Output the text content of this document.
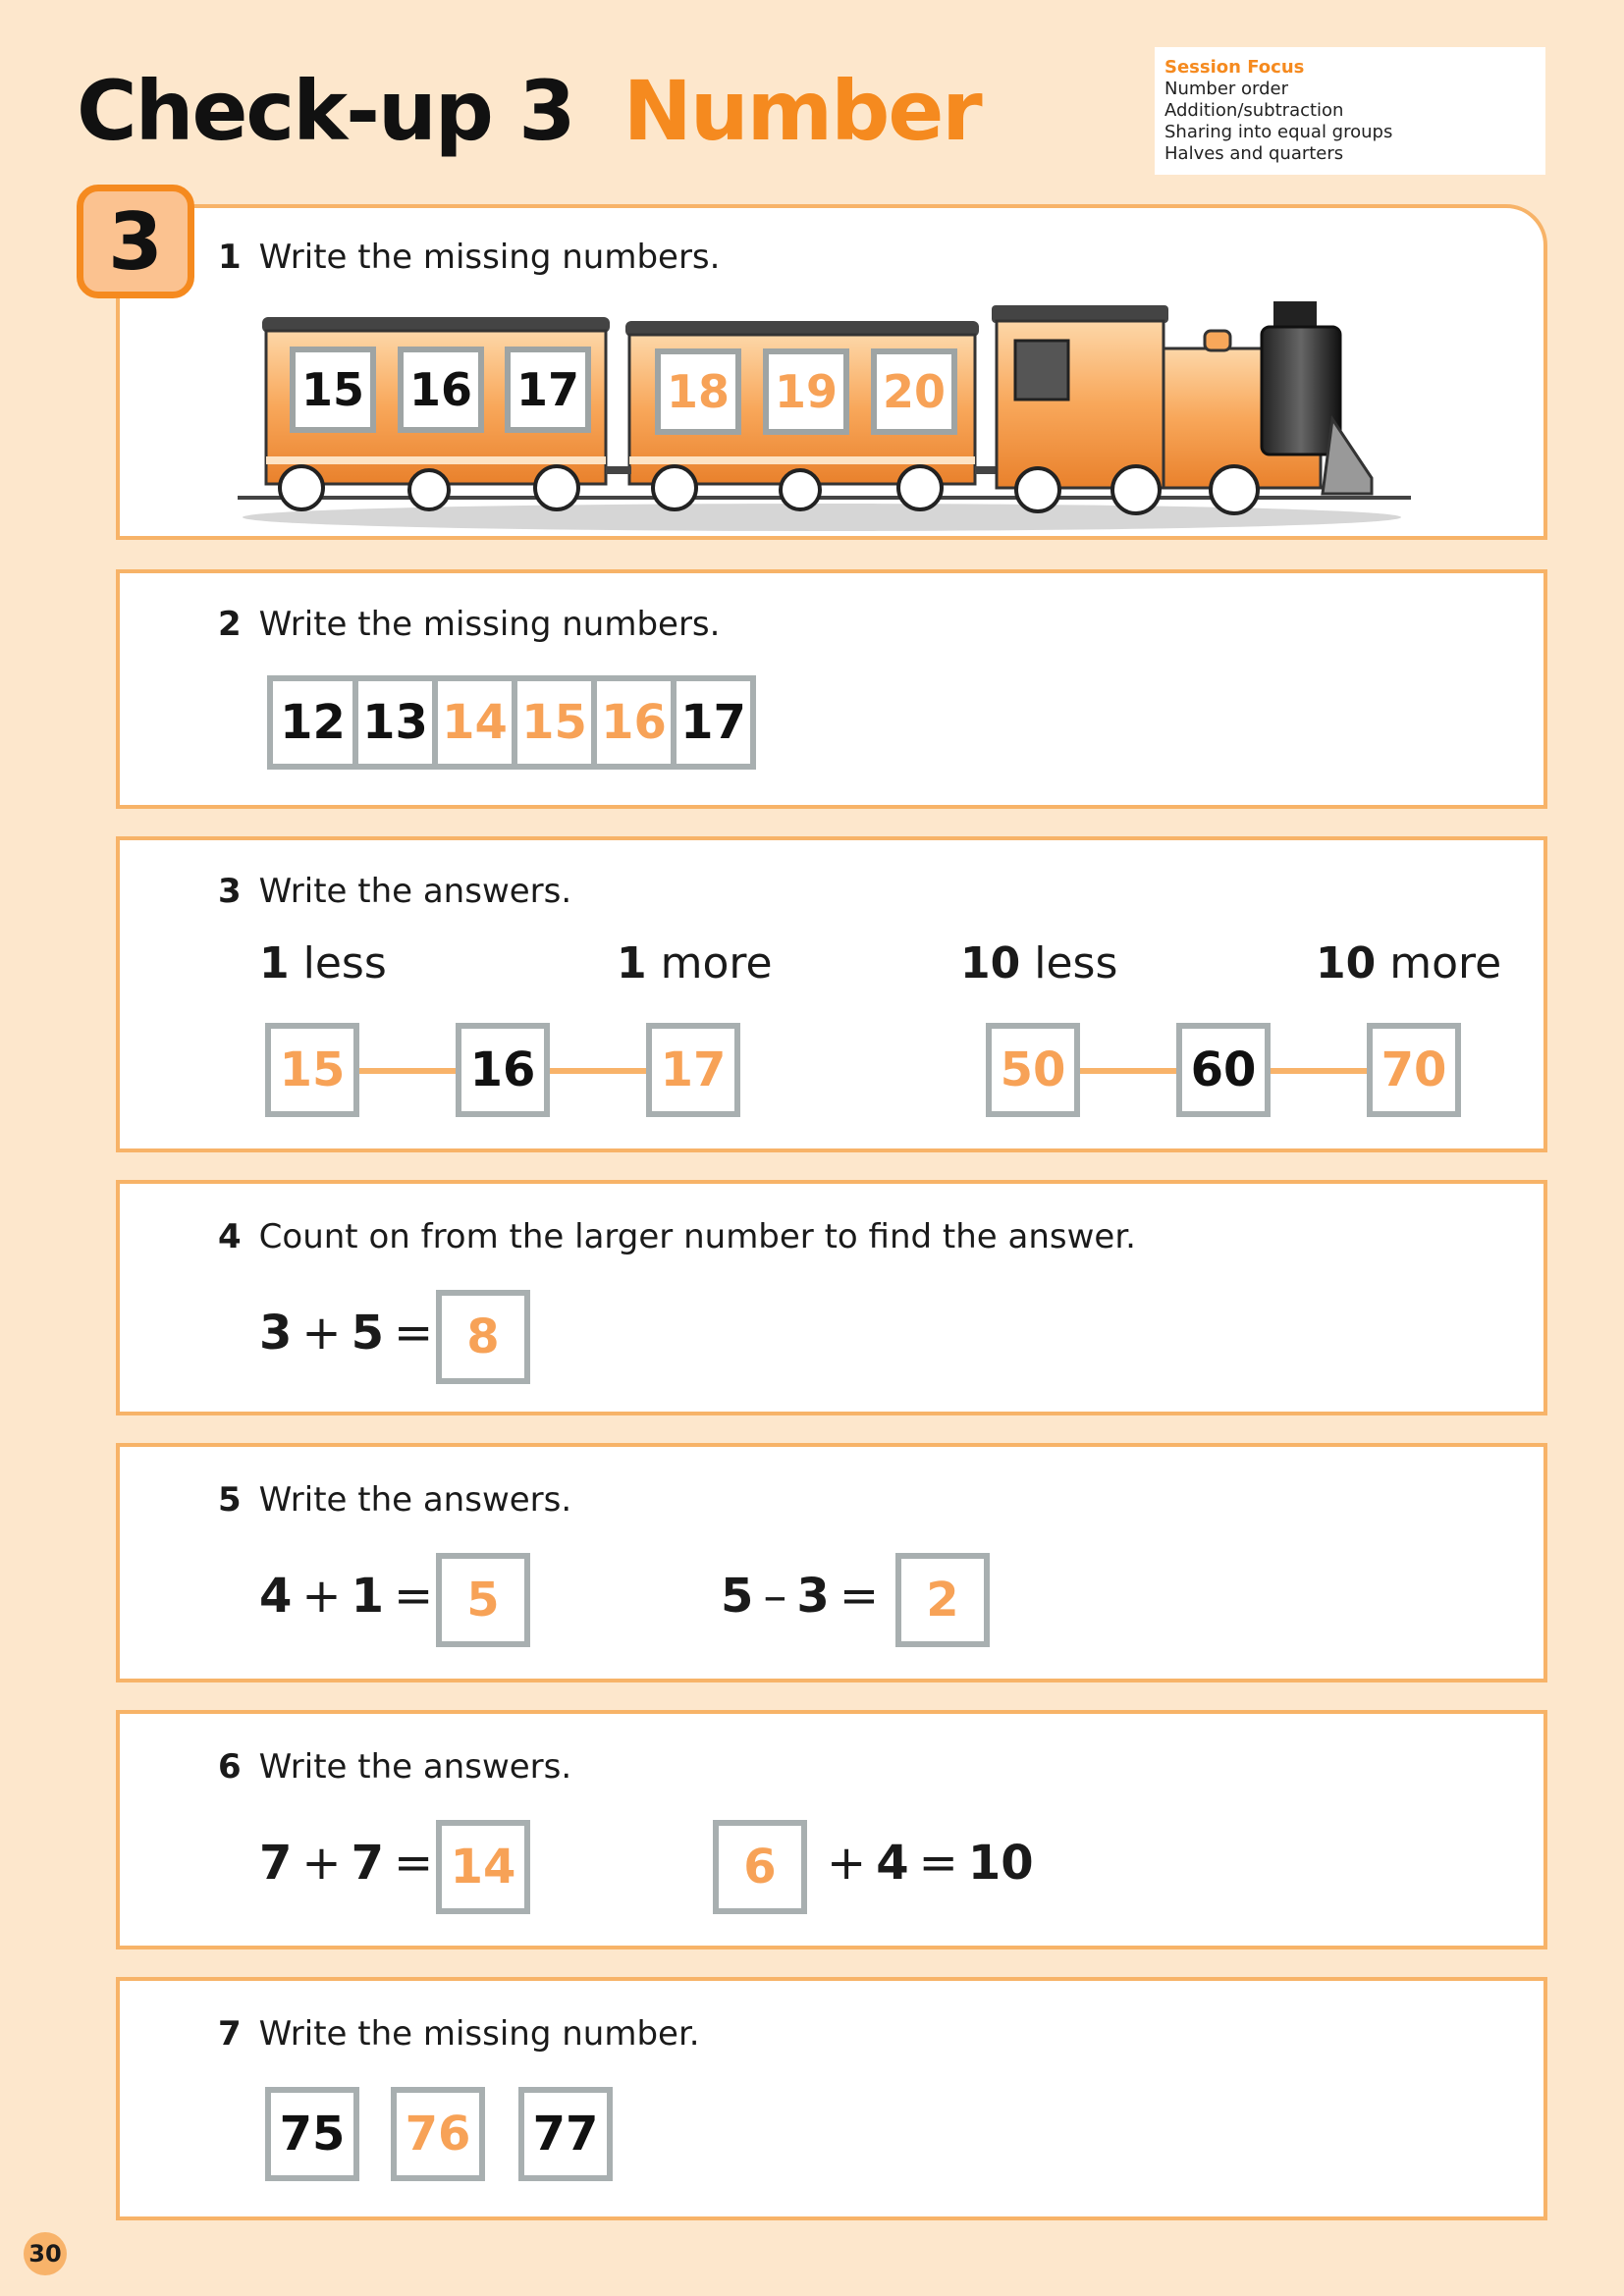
Check-up 3 Number	Session Focus
Number order
Addition/subtraction
Sharing into equal groups
Halves and quarters
1 Write the missing numbers.
15 16 17 18 19 20
2 Write the missing numbers.
12 13 14 15 16 17
3 Write the answers.
1 less	1 more	10 less	10 more
15	16	17	50	60	70
4 Count on from the larger number to find the answer.
3 + 5 = 8
5 Write the answers.
4 + 1 = 5	5 – 3 =	2
6 Write the answers.
7 + 7 = 14	6	+ 4 = 10
7 Write the missing number.
75	76	77
3
30
